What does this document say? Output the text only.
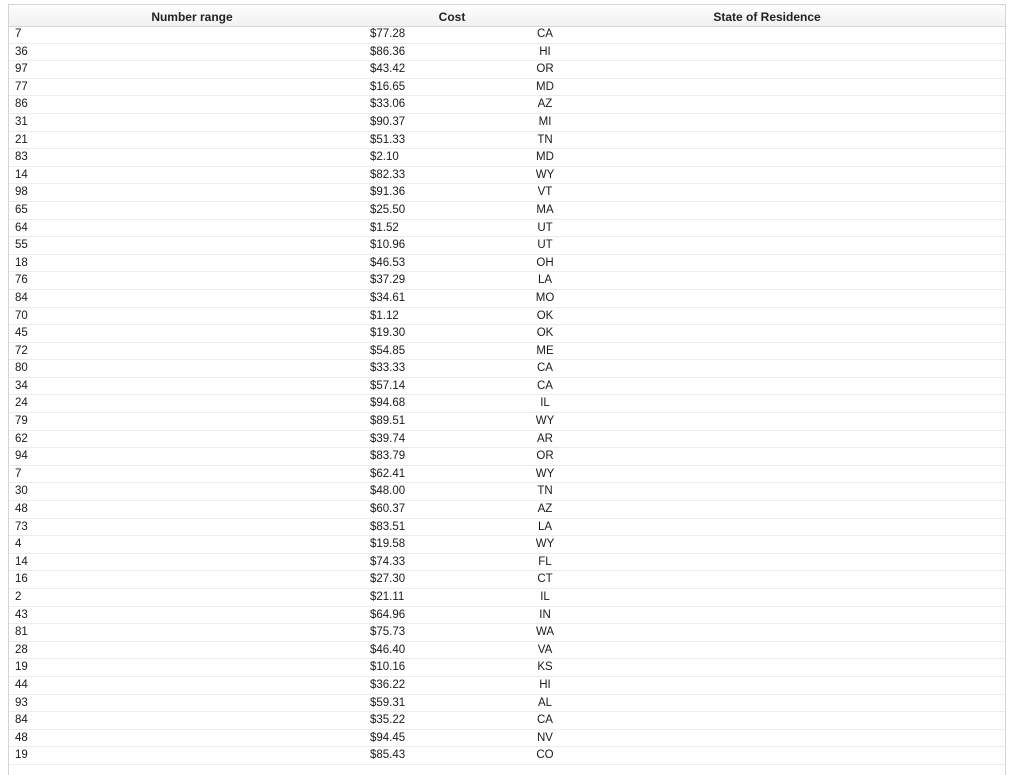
Number range	Cost	State of Residence
7	$77.28	CA
36	$86.36	HI
97	$43.42	OR
77	$16.65	MD
86	$33.06	AZ
31	$90.37	MI
21	$51.33	TN
83	$2.10	MD
14	$82.33	WY
98	$91.36	VT
65	$25.50	MA
64	$1.52	UT
55	$10.96	UT
18	$46.53	OH
76	$37.29	LA
84	$34.61	MO
70	$1.12	OK
45	$19.30	OK
72	$54.85	ME
80	$33.33	CA
34	$57.14	CA
24	$94.68	IL
79	$89.51	WY
62	$39.74	AR
94	$83.79	OR
7	$62.41	WY
30	$48.00	TN
48	$60.37	AZ
73	$83.51	LA
4	$19.58	WY
14	$74.33	FL
16	$27.30	CT
2	$21.11	IL
43	$64.96	IN
81	$75.73	WA
28	$46.40	VA
19	$10.16	KS
44	$36.22	HI
93	$59.31	AL
84	$35.22	CA
48	$94.45	NV
19	$85.43	CO
